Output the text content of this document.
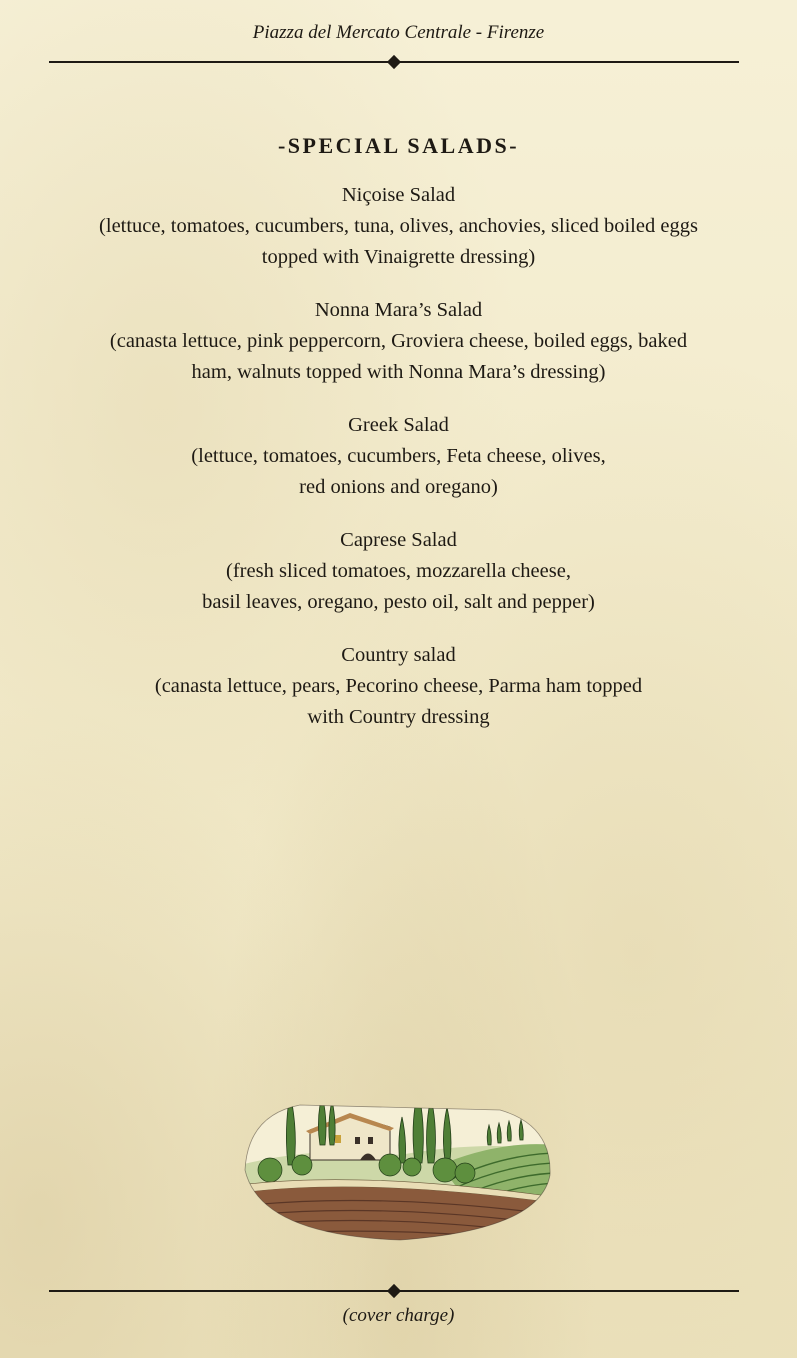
Piazza del Mercato Centrale - Firenze
-SPECIAL SALADS-
Niçoise Salad
(lettuce, tomatoes, cucumbers, tuna, olives, anchovies, sliced boiled eggs
topped with Vinaigrette dressing)
Nonna Mara’s Salad
(canasta lettuce, pink peppercorn, Groviera cheese, boiled eggs, baked
ham, walnuts topped with Nonna Mara’s dressing)
Greek Salad
(lettuce, tomatoes, cucumbers, Feta cheese, olives,
red onions and oregano)
Caprese Salad
(fresh sliced tomatoes, mozzarella cheese,
basil leaves, oregano, pesto oil, salt and pepper)
Country salad
(canasta lettuce, pears, Pecorino cheese, Parma ham topped
with Country dressing
(cover charge)
